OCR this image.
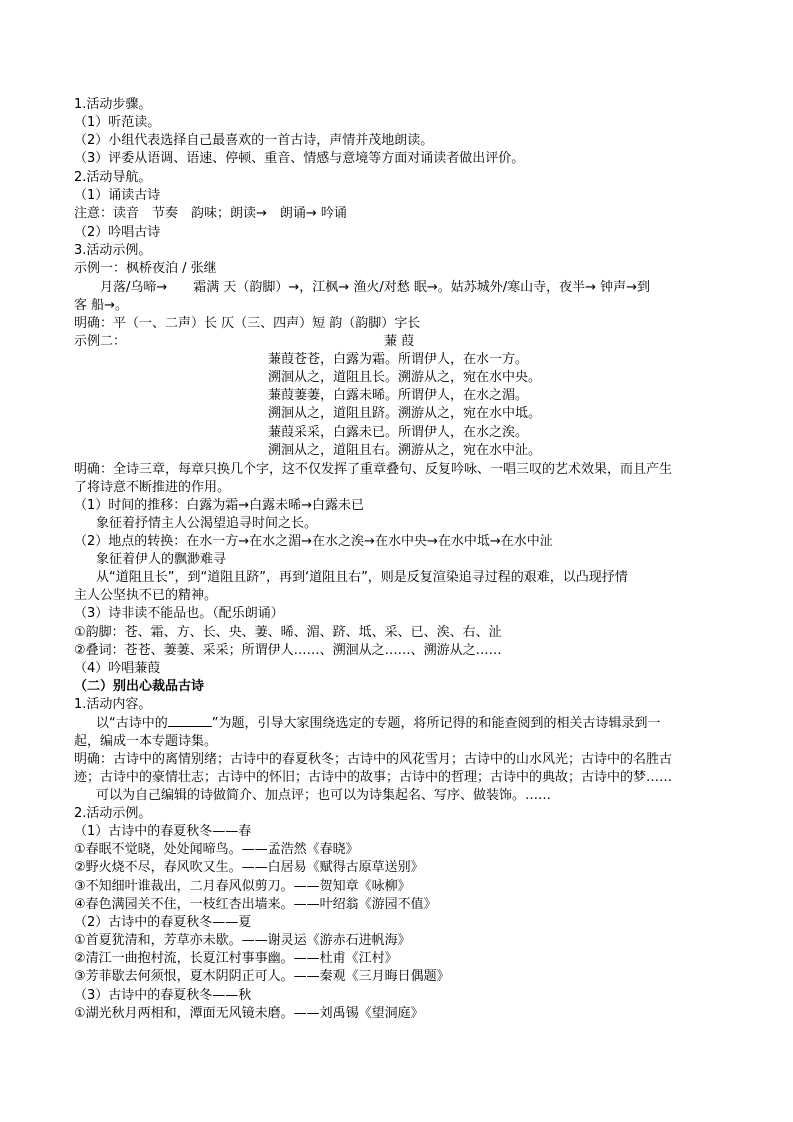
1.活动步骤。
（1）听范读。
（2）小组代表选择自己最喜欢的一首古诗，声情并茂地朗读。
（3）评委从语调、语速、停顿、重音、情感与意境等方面对诵读者做出评价。
2.活动导航。
（1）诵读古诗
注意：读音　节奏　韵味；朗读→　朗诵→ 吟诵
（2）吟唱古诗
3.活动示例。
示例一：枫桥夜泊 / 张继
月落/乌啼→　　霜满 天（韵脚）→，江枫→ 渔火/对愁 眠→。姑苏城外/寒山寺，夜半→ 钟声→到
客 船→。
明确：平（一、二声）长 仄（三、四声）短 韵（韵脚）字长
示例二：	蒹 葭
蒹葭苍苍，白露为霜。所谓伊人，在水一方。
溯洄从之，道阻且长。溯游从之，宛在水中央。
蒹葭萋萋，白露未晞。所谓伊人，在水之湄。
溯洄从之，道阻且跻。溯游从之，宛在水中坻。
蒹葭采采，白露未已。所谓伊人，在水之涘。
溯洄从之，道阻且右。溯游从之，宛在水中沚。
明确：全诗三章，每章只换几个字，这不仅发挥了重章叠句、反复吟咏、一唱三叹的艺术效果，而且产生
了将诗意不断推进的作用。
（1）时间的推移：白露为霜→白露未晞→白露未已
象征着抒情主人公渴望追寻时间之长。
（2）地点的转换：在水一方→在水之湄→在水之涘→在水中央→在水中坻→在水中沚
象征着伊人的飘渺难寻
从“道阻且长”，到“道阻且跻”，再到‘道阻且右”，则是反复渲染追寻过程的艰难，以凸现抒情
主人公坚执不已的精神。
（3）诗非读不能品也。（配乐朗诵）
①韵脚：苍、霜、方、长、央、萋、晞、湄、跻、坻、采、已、涘、右、沚
②叠词：苍苍、萋萋、采采；所谓伊人……、溯洄从之……、溯游从之……
（4）吟唱蒹葭
（二）别出心裁品古诗
1.活动内容。
以“古诗中的	”为题，引导大家围绕选定的专题，将所记得的和能查阅到的相关古诗辑录到一
起，编成一本专题诗集。
明确：古诗中的离情别绪；古诗中的春夏秋冬；古诗中的风花雪月；古诗中的山水风光；古诗中的名胜古
迹；古诗中的豪情壮志；古诗中的怀旧；古诗中的故事；古诗中的哲理；古诗中的典故；古诗中的梦……
可以为自己编辑的诗做简介、加点评；也可以为诗集起名、写序、做装饰。……
2.活动示例。
（1）古诗中的春夏秋冬——春
①春眠不觉晓，处处闻啼鸟。——孟浩然《春晓》
②野火烧不尽，春风吹又生。——白居易《赋得古原草送别》
③不知细叶谁裁出，二月春风似剪刀。——贺知章《咏柳》
④春色满园关不住，一枝红杏出墙来。——叶绍翁《游园不值》
（2）古诗中的春夏秋冬——夏
①首夏犹清和，芳草亦未歇。——谢灵运《游赤石进帆海》
②清江一曲抱村流，长夏江村事事幽。——杜甫《江村》
③芳菲歇去何须恨，夏木阴阴正可人。——秦观《三月晦日偶题》
（3）古诗中的春夏秋冬——秋
①湖光秋月两相和，潭面无风镜未磨。——刘禹锡《望洞庭》
